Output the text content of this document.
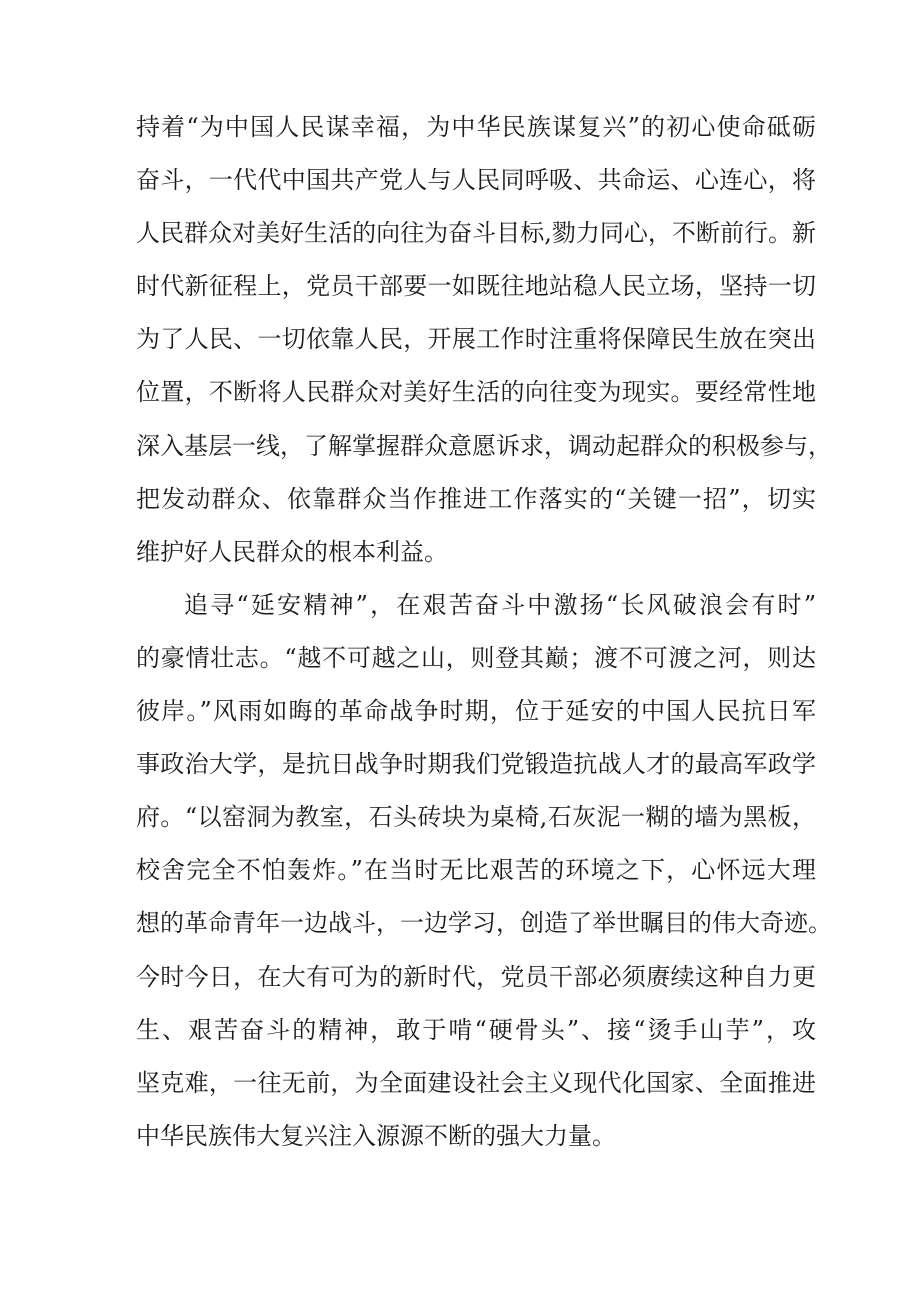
持着“为中国人民谋幸福，为中华民族谋复兴”的初心使命砥砺
奋斗，一代代中国共产党人与人民同呼吸、共命运、心连心，将
人民群众对美好生活的向往为奋斗目标,勠力同心，不断前行。新
时代新征程上，党员干部要一如既往地站稳人民立场，坚持一切
为了人民、一切依靠人民，开展工作时注重将保障民生放在突出
位置，不断将人民群众对美好生活的向往变为现实。要经常性地
深入基层一线，了解掌握群众意愿诉求，调动起群众的积极参与，
把发动群众、依靠群众当作推进工作落实的“关键一招”，切实
维护好人民群众的根本利益。
追寻“延安精神”，在艰苦奋斗中激扬“长风破浪会有时”
的豪情壮志。“越不可越之山，则登其巅；渡不可渡之河，则达
彼岸。”风雨如晦的革命战争时期，位于延安的中国人民抗日军
事政治大学，是抗日战争时期我们党锻造抗战人才的最高军政学
府。“以窑洞为教室，石头砖块为桌椅,石灰泥一糊的墙为黑板，
校舍完全不怕轰炸。”在当时无比艰苦的环境之下，心怀远大理
想的革命青年一边战斗，一边学习，创造了举世瞩目的伟大奇迹。
今时今日，在大有可为的新时代，党员干部必须赓续这种自力更
生、艰苦奋斗的精神，敢于啃“硬骨头”、接“烫手山芋”，攻
坚克难，一往无前，为全面建设社会主义现代化国家、全面推进
中华民族伟大复兴注入源源不断的强大力量。
